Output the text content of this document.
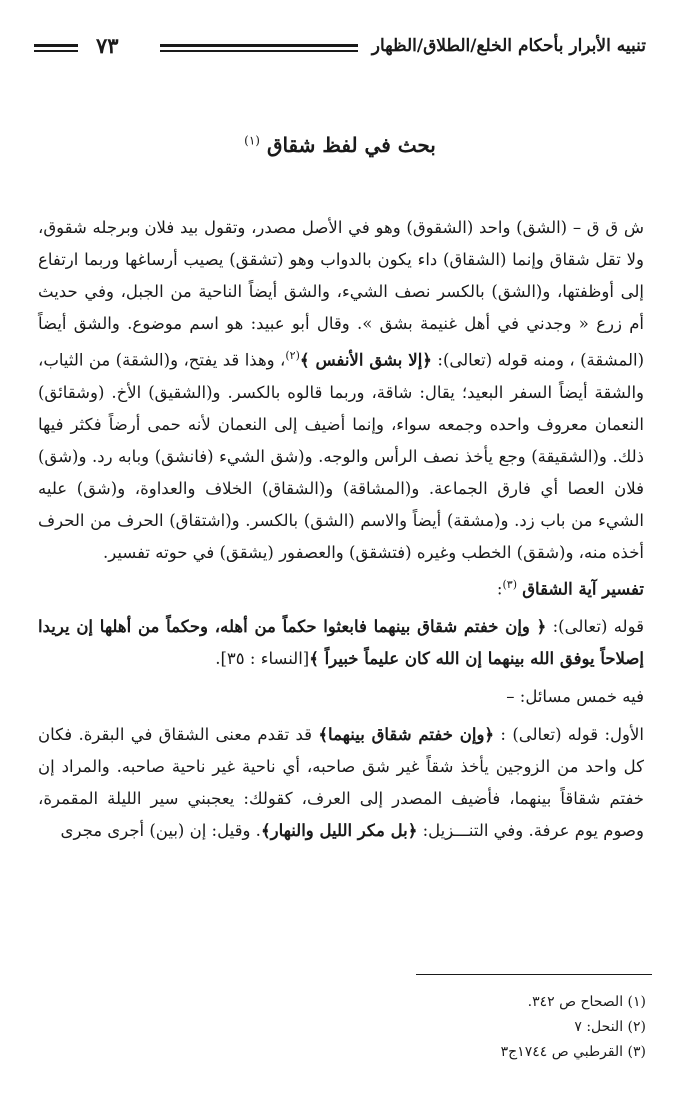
٧٣	تنبيه الأبرار بأحكام الخلع/الطلاق/الظهار
بحث في لفظ شقاق $^{(١)}$

ش ق ق – (الشق) واحد (الشقوق) وهو في الأصل مصدر، وتقول بيد فلان وبرجله شقوق، ولا تقل شقاق وإنما (الشقاق) داء يكون بالدواب وهو (تشقق) يصيب أرساغها وربما ارتفاع إلى أوظفتها، و(الشق) بالكسر نصف الشيء، والشق أيضاً الناحية من الجبل، وفي حديث أم زرع « وجدني في أهل غنيمة بشق ». وقال أبو عبيد: هو اسم موضوع. والشق أيضاً (المشقة) ، ومنه قوله (تعالى): ﴿إلا بشق الأنفس ﴾$^{(٢)}$، وهذا قد يفتح، و(الشقة) من الثياب، والشقة أيضاً السفر البعيد؛ يقال: شاقة، وربما قالوه بالكسر. و(الشقيق) الأخ. (وشقائق) النعمان معروف واحده وجمعه سواء، وإنما أضيف إلى النعمان لأنه حمى أرضاً فكثر فيها ذلك. و(الشقيقة) وجع يأخذ نصف الرأس والوجه. و(شق الشيء (فانشق) وبابه رد. و(شق) فلان العصا أي فارق الجماعة. و(المشاقة) و(الشقاق) الخلاف والعداوة، و(شق) عليه الشيء من باب زد. و(مشقة) أيضاً والاسم (الشق) بالكسر. و(اشتقاق) الحرف من الحرف أخذه منه، و(شقق) الخطب وغيره (فتشقق) والعصفور (يشقق) في حوته تفسير.

تفسير آية الشقاق $^{(٣)}$:

قوله (تعالى): ﴿ وإن خفتم شقاق بينهما فابعثوا حكماً من أهله، وحكماً من أهلها إن يريدا إصلاحاً يوفق الله بينهما إن الله كان عليماً خبيراً ﴾[النساء : ٣٥].

فيه خمس مسائل: –

الأول: قوله (تعالى) : ﴿وإن خفتم شقاق بينهما﴾ قد تقدم معنى الشقاق في البقرة. فكان كل واحد من الزوجين يأخذ شقاً غير شق صاحبه، أي ناحية غير ناحية صاحبه. والمراد إن خفتم شقاقاً بينهما، فأضيف المصدر إلى العرف، كقولك: يعجبني سير الليلة المقمرة، وصوم يوم عرفة. وفي التنـــزيل: ﴿بل مكر الليل والنهار﴾. وقيل: إن (بين) أجرى مجرى

(١) الصحاح ص ٣٤٢.
(٢) النحل: ٧
(٣) القرطبي ص ١٧٤٤ج٣
